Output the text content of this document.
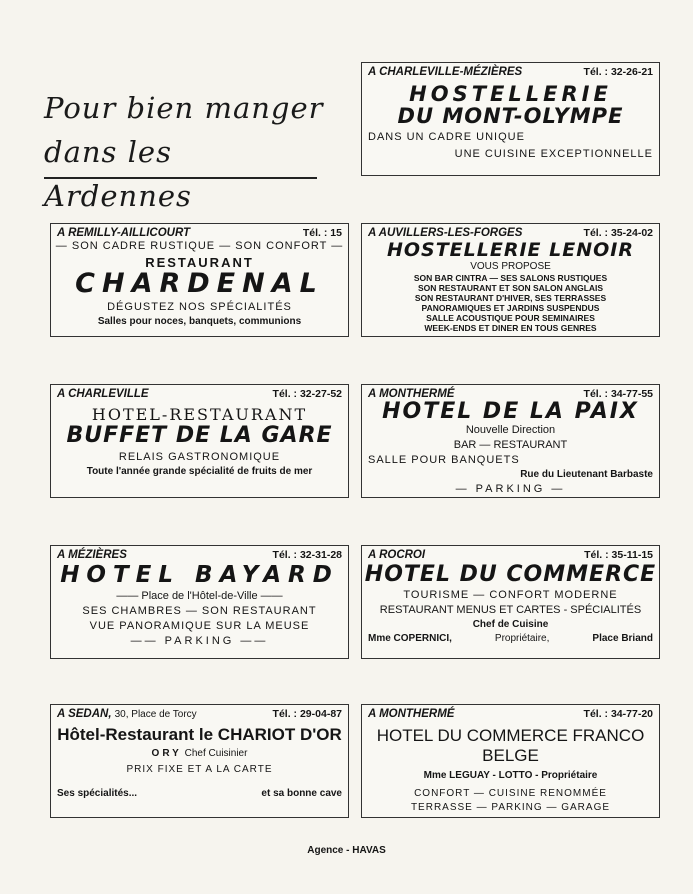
Pour bien manger
dans les Ardennes
A CHARLEVILLE-MÉZIÈRES	Tél. : 32-26-21
HOSTELLERIE
DU MONT-OLYMPE
DANS UN CADRE UNIQUE
UNE CUISINE EXCEPTIONNELLE
A REMILLY-AILLICOURT	Tél. : 15
— SON CADRE RUSTIQUE — SON CONFORT —
RESTAURANT
CHARDENAL
DÉGUSTEZ NOS SPÉCIALITÉS
Salles pour noces, banquets, communions
A AUVILLERS-LES-FORGES	Tél. : 35-24-02
HOSTELLERIE LENOIR
VOUS PROPOSE
SON BAR CINTRA — SES SALONS RUSTIQUES
SON RESTAURANT ET SON SALON ANGLAIS
SON RESTAURANT D'HIVER, SES TERRASSES
PANORAMIQUES ET JARDINS SUSPENDUS
SALLE ACOUSTIQUE POUR SEMINAIRES
WEEK-ENDS ET DINER EN TOUS GENRES
A CHARLEVILLE	Tél. : 32-27-52
HOTEL-RESTAURANT
BUFFET DE LA GARE
RELAIS GASTRONOMIQUE
Toute l'année grande spécialité de fruits de mer
A MONTHERMÉ	Tél. : 34-77-55
HOTEL DE LA PAIX
Nouvelle Direction
BAR — RESTAURANT
SALLE POUR BANQUETS
Rue du Lieutenant Barbaste
— PARKING —
A MÉZIÈRES	Tél. : 32-31-28
HOTEL BAYARD
—— Place de l'Hôtel-de-Ville ——
SES CHAMBRES — SON RESTAURANT
VUE PANORAMIQUE SUR LA MEUSE
—— PARKING ——
A ROCROI	Tél. : 35-11-15
HOTEL DU COMMERCE
TOURISME — CONFORT MODERNE
RESTAURANT MENUS ET CARTES - SPÉCIALITÉS
Chef de Cuisine
Mme COPERNICI,	Propriétaire,	Place Briand
A SEDAN, 30, Place de Torcy	Tél. : 29-04-87
Hôtel-Restaurant le CHARIOT D'OR
ORY Chef Cuisinier
PRIX FIXE ET A LA CARTE
Ses spécialités...	et sa bonne cave
A MONTHERMÉ	Tél. : 34-77-20
HOTEL DU COMMERCE FRANCO BELGE
Mme LEGUAY - LOTTO - Propriétaire
CONFORT — CUISINE RENOMMÉE
TERRASSE — PARKING — GARAGE
Agence - HAVAS
